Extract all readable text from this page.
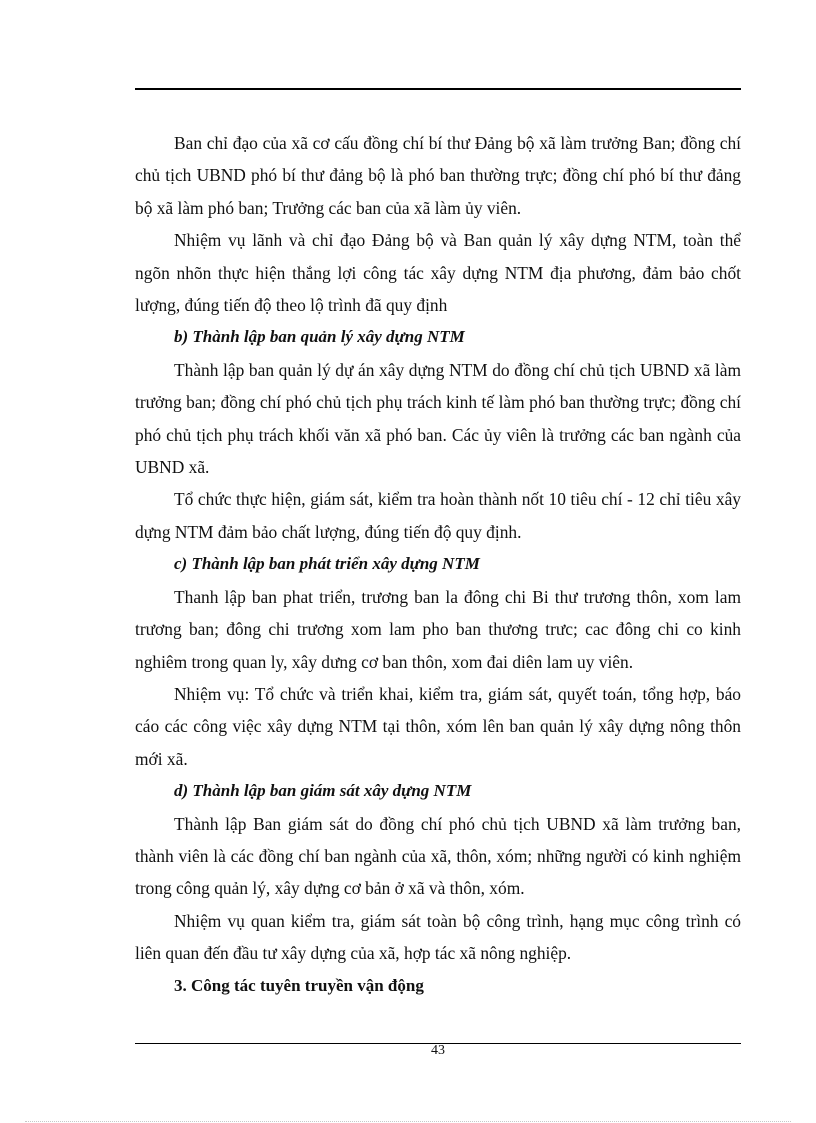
Ban chỉ đạo của xã cơ cấu đồng chí bí thư Đảng bộ xã làm trưởng Ban; đồng chí chủ tịch UBND phó bí thư đảng bộ là phó ban thường trực; đồng chí phó bí thư đảng bộ xã làm phó ban; Trưởng các ban của xã làm ủy viên.

Nhiệm vụ lãnh và chỉ đạo Đảng bộ và Ban quản lý xây dựng NTM, toàn thể ngõn nhõn thực hiện thắng lợi công tác xây dựng NTM địa phương, đảm bảo chốt lượng, đúng tiến độ theo lộ trình đã quy định

b) Thành lập ban quản lý xây dựng NTM

Thành lập ban quản lý dự án xây dựng NTM do đồng chí chủ tịch UBND xã làm trưởng ban; đồng chí phó chủ tịch phụ trách kinh tế làm phó ban thường trực; đồng chí phó chủ tịch phụ trách khối văn xã phó ban. Các ủy viên là trưởng các ban ngành của UBND xã.

Tổ chức thực hiện, giám sát, kiểm tra hoàn thành nốt 10 tiêu chí - 12 chỉ tiêu xây dựng NTM đảm bảo chất lượng, đúng tiến độ quy định.

c) Thành lập ban phát triển xây dựng NTM

Thanh lập ban phat triển, trương ban la đông chi Bi thư trương thôn, xom lam trương ban; đông chi trương xom lam pho ban thương trưc; cac đông chi co kinh nghiêm trong quan ly, xây dưng cơ ban thôn, xom đai diên lam uy viên.

Nhiệm vụ: Tổ chức và triển khai, kiểm tra, giám sát, quyết toán, tổng hợp, báo cáo các công việc xây dựng NTM tại thôn, xóm lên ban quản lý xây dựng nông thôn mới xã.

d) Thành lập ban giám sát xây dựng NTM

Thành lập Ban giám sát do đồng chí phó chủ tịch UBND xã làm trưởng ban, thành viên là các đồng chí ban ngành của xã, thôn, xóm; những người có kinh nghiệm trong công quản lý, xây dựng cơ bản ở xã và thôn, xóm.

Nhiệm vụ quan kiểm tra, giám sát toàn bộ công trình, hạng mục công trình có liên quan đến đầu tư xây dựng của xã, hợp tác xã nông nghiệp.

3. Công tác tuyên truyền vận động

43
